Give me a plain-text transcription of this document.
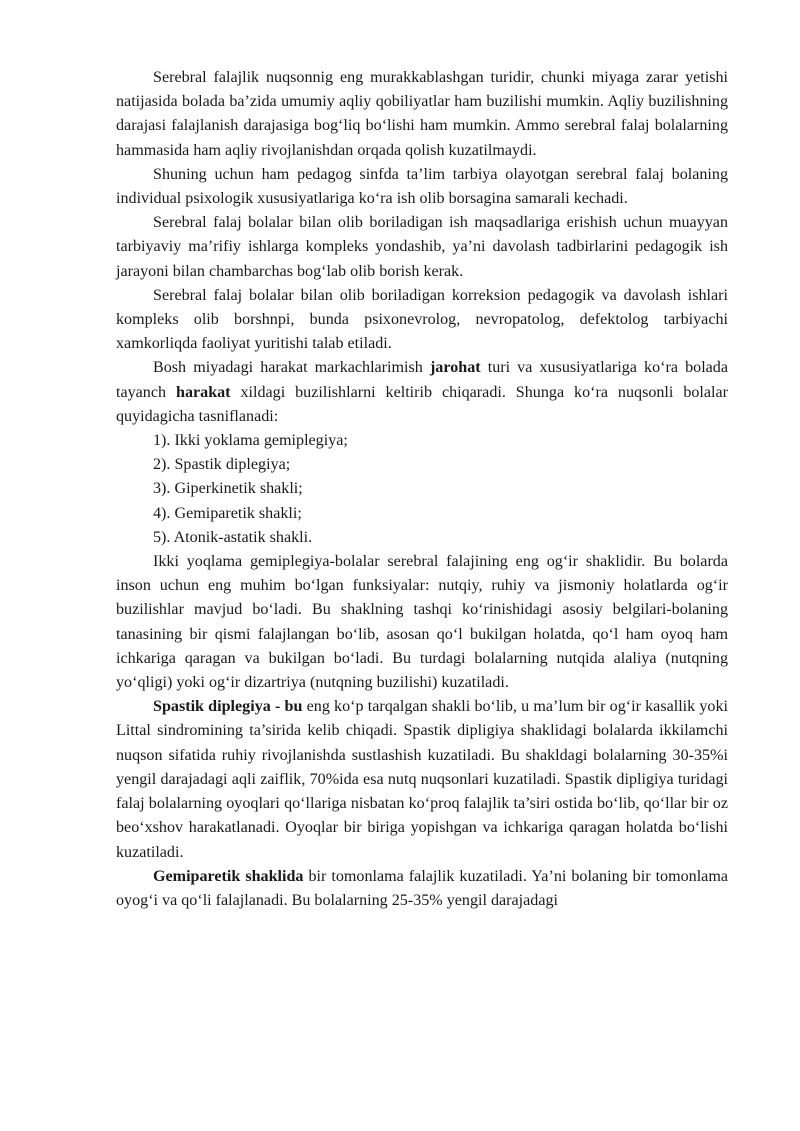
Serebral falajlik nuqsonnig eng murakkablashgan turidir, chunki miyaga zarar yetishi natijasida bolada ba’zida umumiy aqliy qobiliyatlar ham buzilishi mumkin. Aqliy buzilishning darajasi falajlanish darajasiga bog‘liq bo‘lishi ham mumkin. Ammo serebral falaj bolalarning hammasida ham aqliy rivojlanishdan orqada qolish kuzatilmaydi.

Shuning uchun ham pedagog sinfda ta’lim tarbiya olayotgan serebral falaj bolaning individual psixologik xususiyatlariga ko‘ra ish olib borsagina samarali kechadi.

Serebral falaj bolalar bilan olib boriladigan ish maqsadlariga erishish uchun muayyan tarbiyaviy ma’rifiy ishlarga kompleks yondashib, ya’ni davolash tadbirlarini pedagogik ish jarayoni bilan chambarchas bog‘lab olib borish kerak.

Serebral falaj bolalar bilan olib boriladigan korreksion pedagogik va davolash ishlari kompleks olib borshnpi, bunda psixonevrolog, nevropatolog, defektolog tarbiyachi xamkorliqda faoliyat yuritishi talab etiladi.

Bosh miyadagi harakat markachlarimish jarohat turi va xususiyatlariga ko‘ra bolada tayanch harakat xildagi buzilishlarni keltirib chiqaradi. Shunga ko‘ra nuqsonli bolalar quyidagicha tasniflanadi:

1). Ikki yoklama gemiplegiya;

2). Spastik diplegiya;

3). Giperkinetik shakli;

4). Gemiparetik shakli;

5). Atonik-astatik shakli.

Ikki yoqlama gemiplegiya-bolalar serebral falajining eng og‘ir shaklidir. Bu bolarda inson uchun eng muhim bo‘lgan funksiyalar: nutqiy, ruhiy va jismoniy holatlarda og‘ir buzilishlar mavjud bo‘ladi. Bu shaklning tashqi ko‘rinishidagi asosiy belgilari-bolaning tanasining bir qismi falajlangan bo‘lib, asosan qo‘l bukilgan holatda, qo‘l ham oyoq ham ichkariga qaragan va bukilgan bo‘ladi. Bu turdagi bolalarning nutqida alaliya (nutqning yo‘qligi) yoki og‘ir dizartriya (nutqning buzilishi) kuzatiladi.

Spastik diplegiya - bu eng ko‘p tarqalgan shakli bo‘lib, u ma’lum bir og‘ir kasallik yoki Littal sindromining ta’sirida kelib chiqadi. Spastik dipligiya shaklidagi bolalarda ikkilamchi nuqson sifatida ruhiy rivojlanishda sustlashish kuzatiladi. Bu shakldagi bolalarning 30-35%i yengil darajadagi aqli zaiflik, 70%ida esa nutq nuqsonlari kuzatiladi. Spastik dipligiya turidagi falaj bolalarning oyoqlari qo‘llariga nisbatan ko‘proq falajlik ta’siri ostida bo‘lib, qo‘llar bir oz beo‘xshov harakatlanadi. Oyoqlar bir biriga yopishgan va ichkariga qaragan holatda bo‘lishi kuzatiladi.

Gemiparetik shaklida bir tomonlama falajlik kuzatiladi. Ya’ni bolaning bir tomonlama oyog‘i va qo‘li falajlanadi. Bu bolalarning 25-35% yengil darajadagi
